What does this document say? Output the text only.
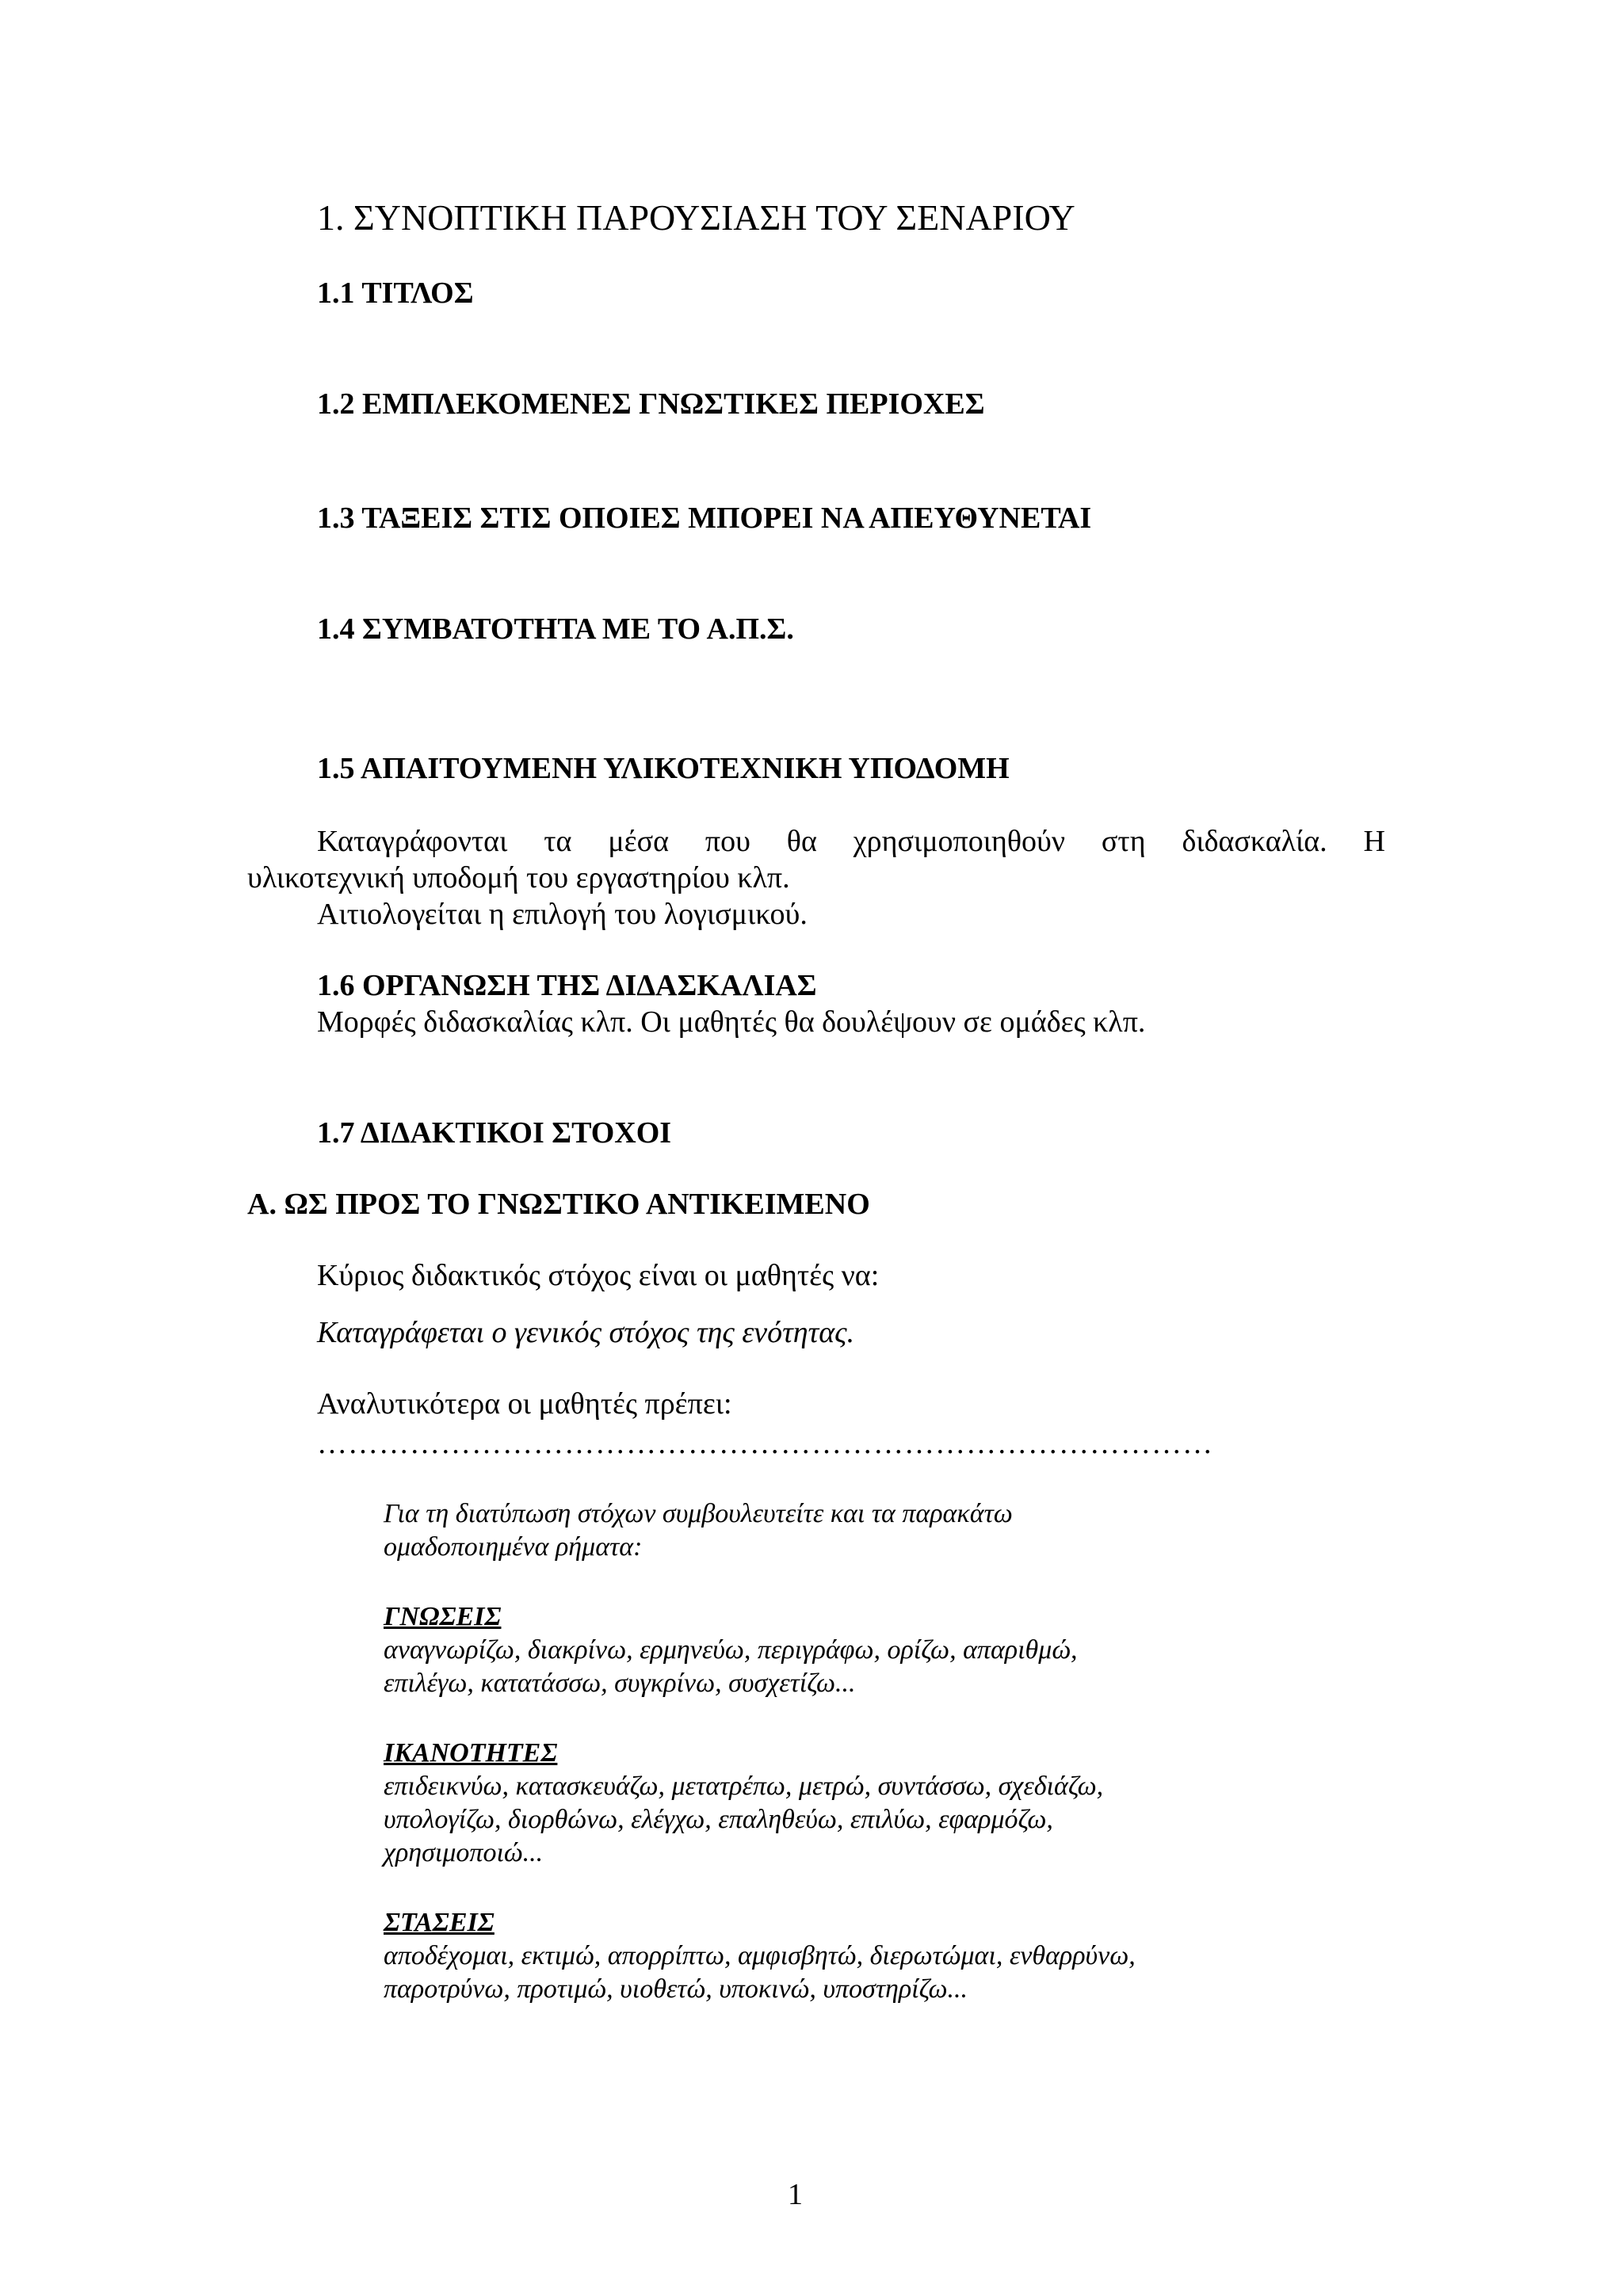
1. ΣΥΝΟΠΤΙΚΗ ΠΑΡΟΥΣΙΑΣΗ ΤΟΥ ΣΕΝΑΡΙΟΥ
1.1 ΤΙΤΛΟΣ
1.2 ΕΜΠΛΕΚΟΜΕΝΕΣ ΓΝΩΣΤΙΚΕΣ ΠΕΡΙΟΧΕΣ
1.3 ΤΑΞΕΙΣ ΣΤΙΣ ΟΠΟΙΕΣ ΜΠΟΡΕΙ ΝΑ ΑΠΕΥΘΥΝΕΤΑΙ
1.4 ΣΥΜΒΑΤΟΤΗΤΑ ΜΕ ΤΟ Α.Π.Σ.
1.5 ΑΠΑΙΤΟΥΜΕΝΗ ΥΛΙΚΟΤΕΧΝΙΚΗ ΥΠΟΔΟΜΗ
Καταγράφονται τα μέσα που θα χρησιμοποιηθούν στη διδασκαλία. Η
υλικοτεχνική υποδομή του εργαστηρίου κλπ.
Αιτιολογείται η επιλογή του λογισμικού.
1.6 ΟΡΓΑΝΩΣΗ ΤΗΣ ΔΙΔΑΣΚΑΛΙΑΣ
Μορφές διδασκαλίας κλπ. Οι μαθητές θα δουλέψουν σε ομάδες κλπ.
1.7 ΔΙΔΑΚΤΙΚΟΙ ΣΤΟΧΟΙ
Α. ΩΣ ΠΡΟΣ ΤΟ ΓΝΩΣΤΙΚΟ ΑΝΤΙΚΕΙΜΕΝΟ
Κύριος διδακτικός στόχος είναι οι μαθητές να:
Καταγράφεται ο γενικός στόχος της ενότητας.
Αναλυτικότερα οι μαθητές πρέπει:
……………………………………………………………………………
Για τη διατύπωση στόχων συμβουλευτείτε και τα παρακάτω
ομαδοποιημένα ρήματα:
ΓΝΩΣΕΙΣ
αναγνωρίζω, διακρίνω, ερμηνεύω, περιγράφω, ορίζω, απαριθμώ,
επιλέγω, κατατάσσω, συγκρίνω, συσχετίζω...
ΙΚΑΝΟΤΗΤΕΣ
επιδεικνύω, κατασκευάζω, μετατρέπω, μετρώ, συντάσσω, σχεδιάζω,
υπολογίζω, διορθώνω, ελέγχω, επαληθεύω, επιλύω, εφαρμόζω,
χρησιμοποιώ...
ΣΤΑΣΕΙΣ
αποδέχομαι, εκτιμώ, απορρίπτω, αμφισβητώ, διερωτώμαι, ενθαρρύνω,
παροτρύνω, προτιμώ, υιοθετώ, υποκινώ, υποστηρίζω...
1
